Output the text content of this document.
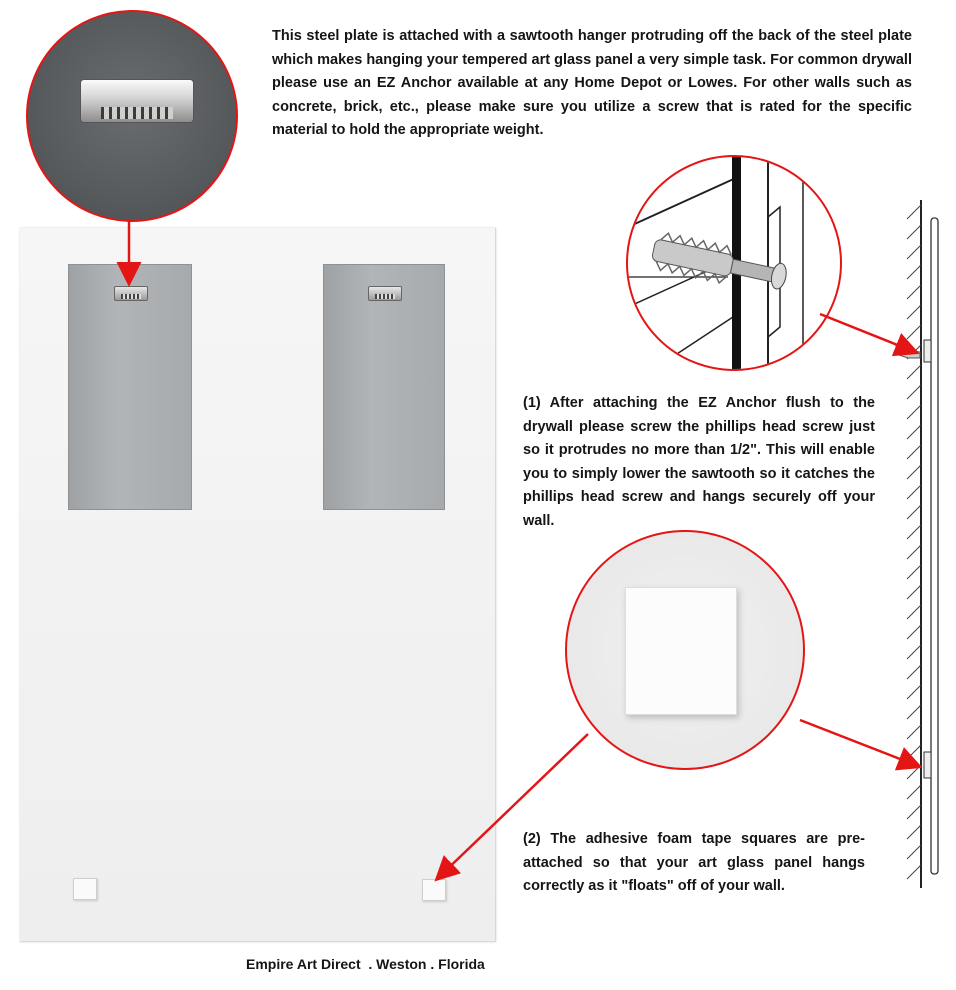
This steel plate is attached with a sawtooth hanger protruding off the back of the steel plate which makes hanging your tempered art glass panel a very simple task. For common drywall please use an EZ Anchor available at any Home Depot or Lowes. For other walls such as concrete, brick, etc., please make sure you utilize a screw that is rated for the specific material to hold the appropriate weight.
(1) After attaching the EZ Anchor flush to the drywall please screw the phillips head screw just so it protrudes no more than 1/2". This will enable you to simply lower the sawtooth so it catches the phillips head screw and hangs securely off your wall.
(2) The adhesive foam tape squares are pre-attached so that your art glass panel hangs correctly as it "floats" off of your wall.
Empire Art Direct  . Weston . Florida
